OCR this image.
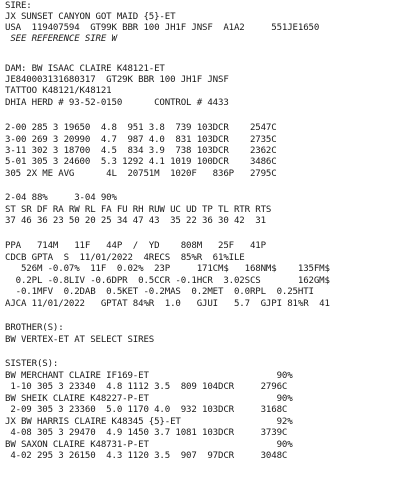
SIRE:
JX SUNSET CANYON GOT MAID {5}-ET
USA  119407594  GT99K BBR 100 JH1F JNSF  A1A2     551JE1650
SEE REFERENCE SIRE W
DAM: BW ISAAC CLAIRE K48121-ET
JE840003131680317  GT29K BBR 100 JH1F JNSF
TATTOO K48121/K48121
DHIA HERD # 93-52-0150      CONTROL # 4433
2-00 285 3 19650  4.8  951 3.8  739 103DCR    2547C
3-00 269 3 20990  4.7  987 4.0  831 103DCR    2735C
3-11 302 3 18700  4.5  834 3.9  738 103DCR    2362C
5-01 305 3 24600  5.3 1292 4.1 1019 100DCR    3486C
305 2X ME AVG      4L  20751M  1020F   836P   2795C
2-04 88%     3-04 90%
ST SR DF RA RW RL FA FU RH RUW UC UD TP TL RTR RTS
37 46 36 23 50 20 25 34 47 43  35 22 36 30 42  31
PPA   714M   11F   44P  /  YD    808M   25F   41P
CDCB GPTA  S  11/01/2022  4RECS  85%R  61%ILE
526M -0.07%  11F  0.02%  23P     171CM$   168NM$    135FM$
0.2PL -0.8LIV -0.6DPR  0.5CCR -0.1HCR  3.02SCS       162GM$
-0.1MFV  0.2DAB  0.5KET -0.2MAS  0.2MET  0.0RPL  0.25HTI
AJCA 11/01/2022   GPTAT 84%R  1.0   GJUI   5.7  GJPI 81%R  41
BROTHER(S):
BW VERTEX-ET AT SELECT SIRES
SISTER(S):
BW MERCHANT CLAIRE IF169-ET                        90%
1-10 305 3 23340  4.8 1112 3.5  809 104DCR     2796C
BW SHEIK CLAIRE K48227-P-ET                        90%
2-09 305 3 23360  5.0 1170 4.0  932 103DCR     3168C
JX BW HARRIS CLAIRE K48345 {5}-ET                  92%
4-08 305 3 29470  4.9 1450 3.7 1081 103DCR     3739C
BW SAXON CLAIRE K48731-P-ET                        90%
4-02 295 3 26150  4.3 1120 3.5  907  97DCR     3048C
